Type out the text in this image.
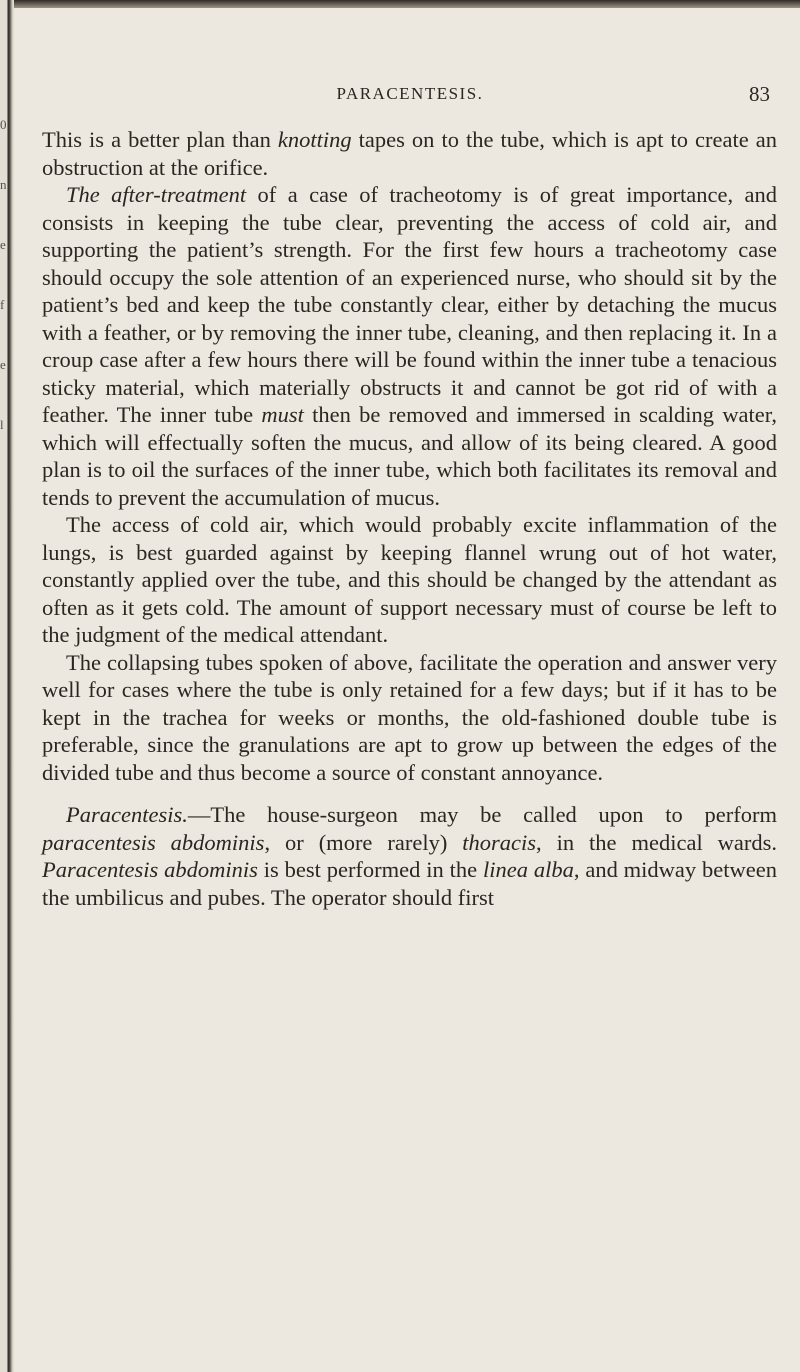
0 n e f e l
PARACENTESIS.	83

This is a better plan than knotting tapes on to the tube, which is apt to create an obstruction at the orifice.

The after-treatment of a case of tracheotomy is of great importance, and consists in keeping the tube clear, preventing the access of cold air, and supporting the patient’s strength. For the first few hours a tracheotomy case should occupy the sole attention of an experienced nurse, who should sit by the patient’s bed and keep the tube constantly clear, either by detaching the mucus with a feather, or by removing the inner tube, cleaning, and then replacing it. In a croup case after a few hours there will be found within the inner tube a tenacious sticky material, which materially obstructs it and cannot be got rid of with a feather. The inner tube must then be removed and immersed in scalding water, which will effectually soften the mucus, and allow of its being cleared. A good plan is to oil the surfaces of the inner tube, which both facilitates its removal and tends to prevent the accumulation of mucus.

The access of cold air, which would probably excite inflammation of the lungs, is best guarded against by keeping flannel wrung out of hot water, constantly applied over the tube, and this should be changed by the attendant as often as it gets cold. The amount of support necessary must of course be left to the judgment of the medical attendant.

The collapsing tubes spoken of above, facilitate the operation and answer very well for cases where the tube is only retained for a few days; but if it has to be kept in the trachea for weeks or months, the old-fashioned double tube is preferable, since the granulations are apt to grow up between the edges of the divided tube and thus become a source of constant annoyance.

Paracentesis.—The house-surgeon may be called upon to perform paracentesis abdominis, or (more rarely) thoracis, in the medical wards. Paracentesis abdominis is best performed in the linea alba, and midway between the umbilicus and pubes. The operator should first
